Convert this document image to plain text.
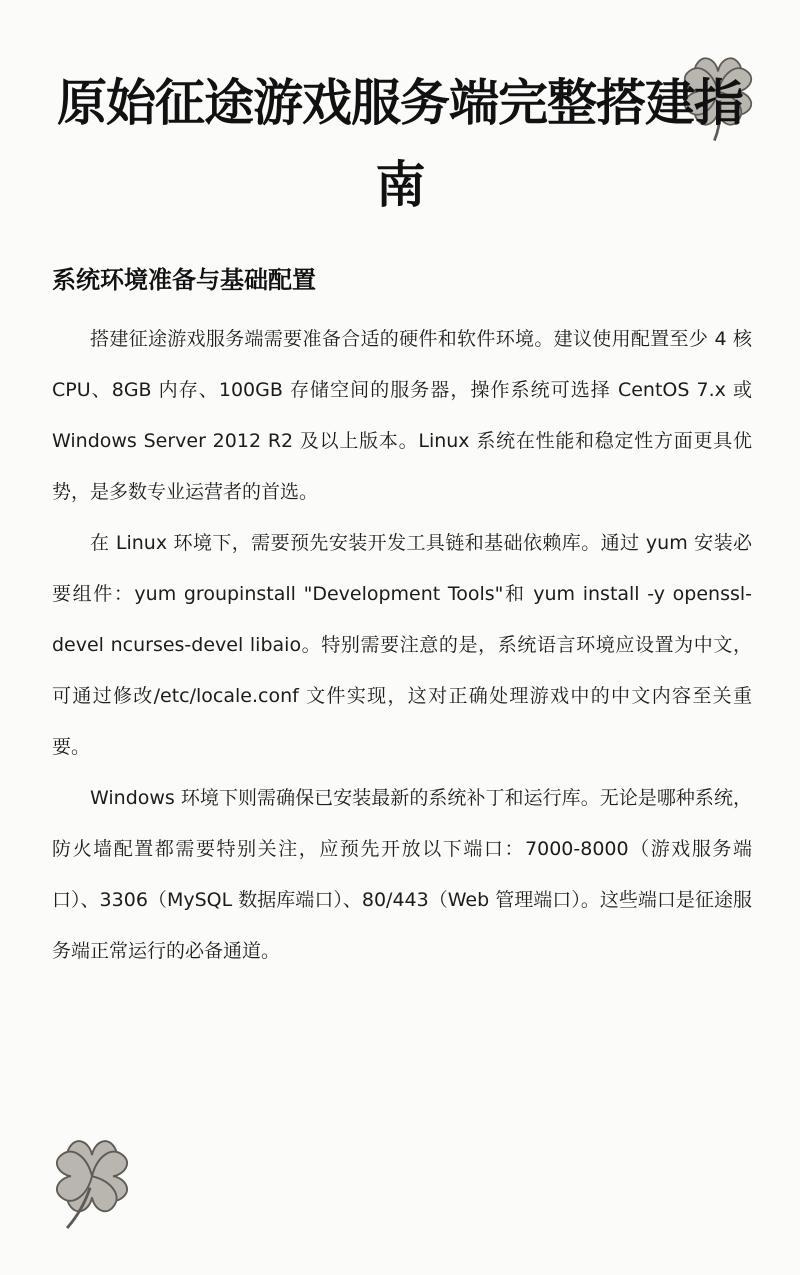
原始征途游戏服务端完整搭建指南
系统环境准备与基础配置

搭建征途游戏服务端需要准备合适的硬件和软件环境。建议使用配置至少 4 核 CPU、8GB 内存、100GB 存储空间的服务器，操作系统可选择 CentOS 7.x 或 Windows Server 2012 R2 及以上版本。Linux 系统在性能和稳定性方面更具优势，是多数专业运营者的首选。

在 Linux 环境下，需要预先安装开发工具链和基础依赖库。通过 yum 安装必要组件：yum groupinstall "Development Tools"和 yum install -y openssl-devel ncurses-devel libaio。特别需要注意的是，系统语言环境应设置为中文，可通过修改/etc/locale.conf 文件实现，这对正确处理游戏中的中文内容至关重要。

Windows 环境下则需确保已安装最新的系统补丁和运行库。无论是哪种系统，防火墙配置都需要特别关注，应预先开放以下端口：7000-8000（游戏服务端口）、3306（MySQL 数据库端口）、80/443（Web 管理端口）。这些端口是征途服务端正常运行的必备通道。
